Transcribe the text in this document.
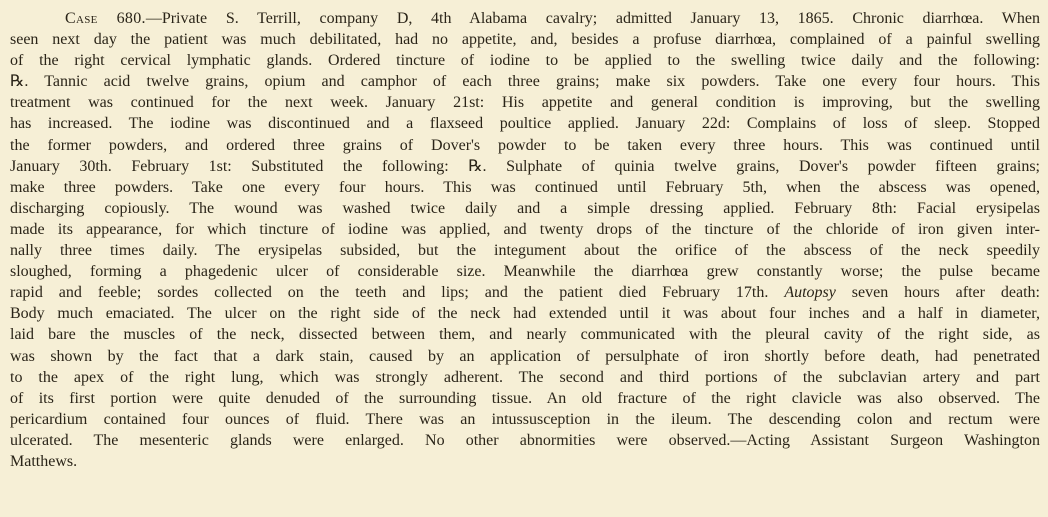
Case 680.—Private S. Terrill, company D, 4th Alabama cavalry; admitted January 13, 1865. Chronic diarrhœa. When
seen next day the patient was much debilitated, had no appetite, and, besides a profuse diarrhœa, complained of a painful swelling
of the right cervical lymphatic glands. Ordered tincture of iodine to be applied to the swelling twice daily and the following:
℞. Tannic acid twelve grains, opium and camphor of each three grains; make six powders. Take one every four hours. This
treatment was continued for the next week. January 21st: His appetite and general condition is improving, but the swelling
has increased. The iodine was discontinued and a flaxseed poultice applied. January 22d: Complains of loss of sleep. Stopped
the former powders, and ordered three grains of Dover's powder to be taken every three hours. This was continued until
January 30th. February 1st: Substituted the following: ℞. Sulphate of quinia twelve grains, Dover's powder fifteen grains;
make three powders. Take one every four hours. This was continued until February 5th, when the abscess was opened,
discharging copiously. The wound was washed twice daily and a simple dressing applied. February 8th: Facial erysipelas
made its appearance, for which tincture of iodine was applied, and twenty drops of the tincture of the chloride of iron given inter-
nally three times daily. The erysipelas subsided, but the integument about the orifice of the abscess of the neck speedily
sloughed, forming a phagedenic ulcer of considerable size. Meanwhile the diarrhœa grew constantly worse; the pulse became
rapid and feeble; sordes collected on the teeth and lips; and the patient died February 17th. Autopsy seven hours after death:
Body much emaciated. The ulcer on the right side of the neck had extended until it was about four inches and a half in diameter,
laid bare the muscles of the neck, dissected between them, and nearly communicated with the pleural cavity of the right side, as
was shown by the fact that a dark stain, caused by an application of persulphate of iron shortly before death, had penetrated
to the apex of the right lung, which was strongly adherent. The second and third portions of the subclavian artery and part
of its first portion were quite denuded of the surrounding tissue. An old fracture of the right clavicle was also observed. The
pericardium contained four ounces of fluid. There was an intussusception in the ileum. The descending colon and rectum were
ulcerated. The mesenteric glands were enlarged. No other abnormities were observed.—Acting Assistant Surgeon Washington
Matthews.
